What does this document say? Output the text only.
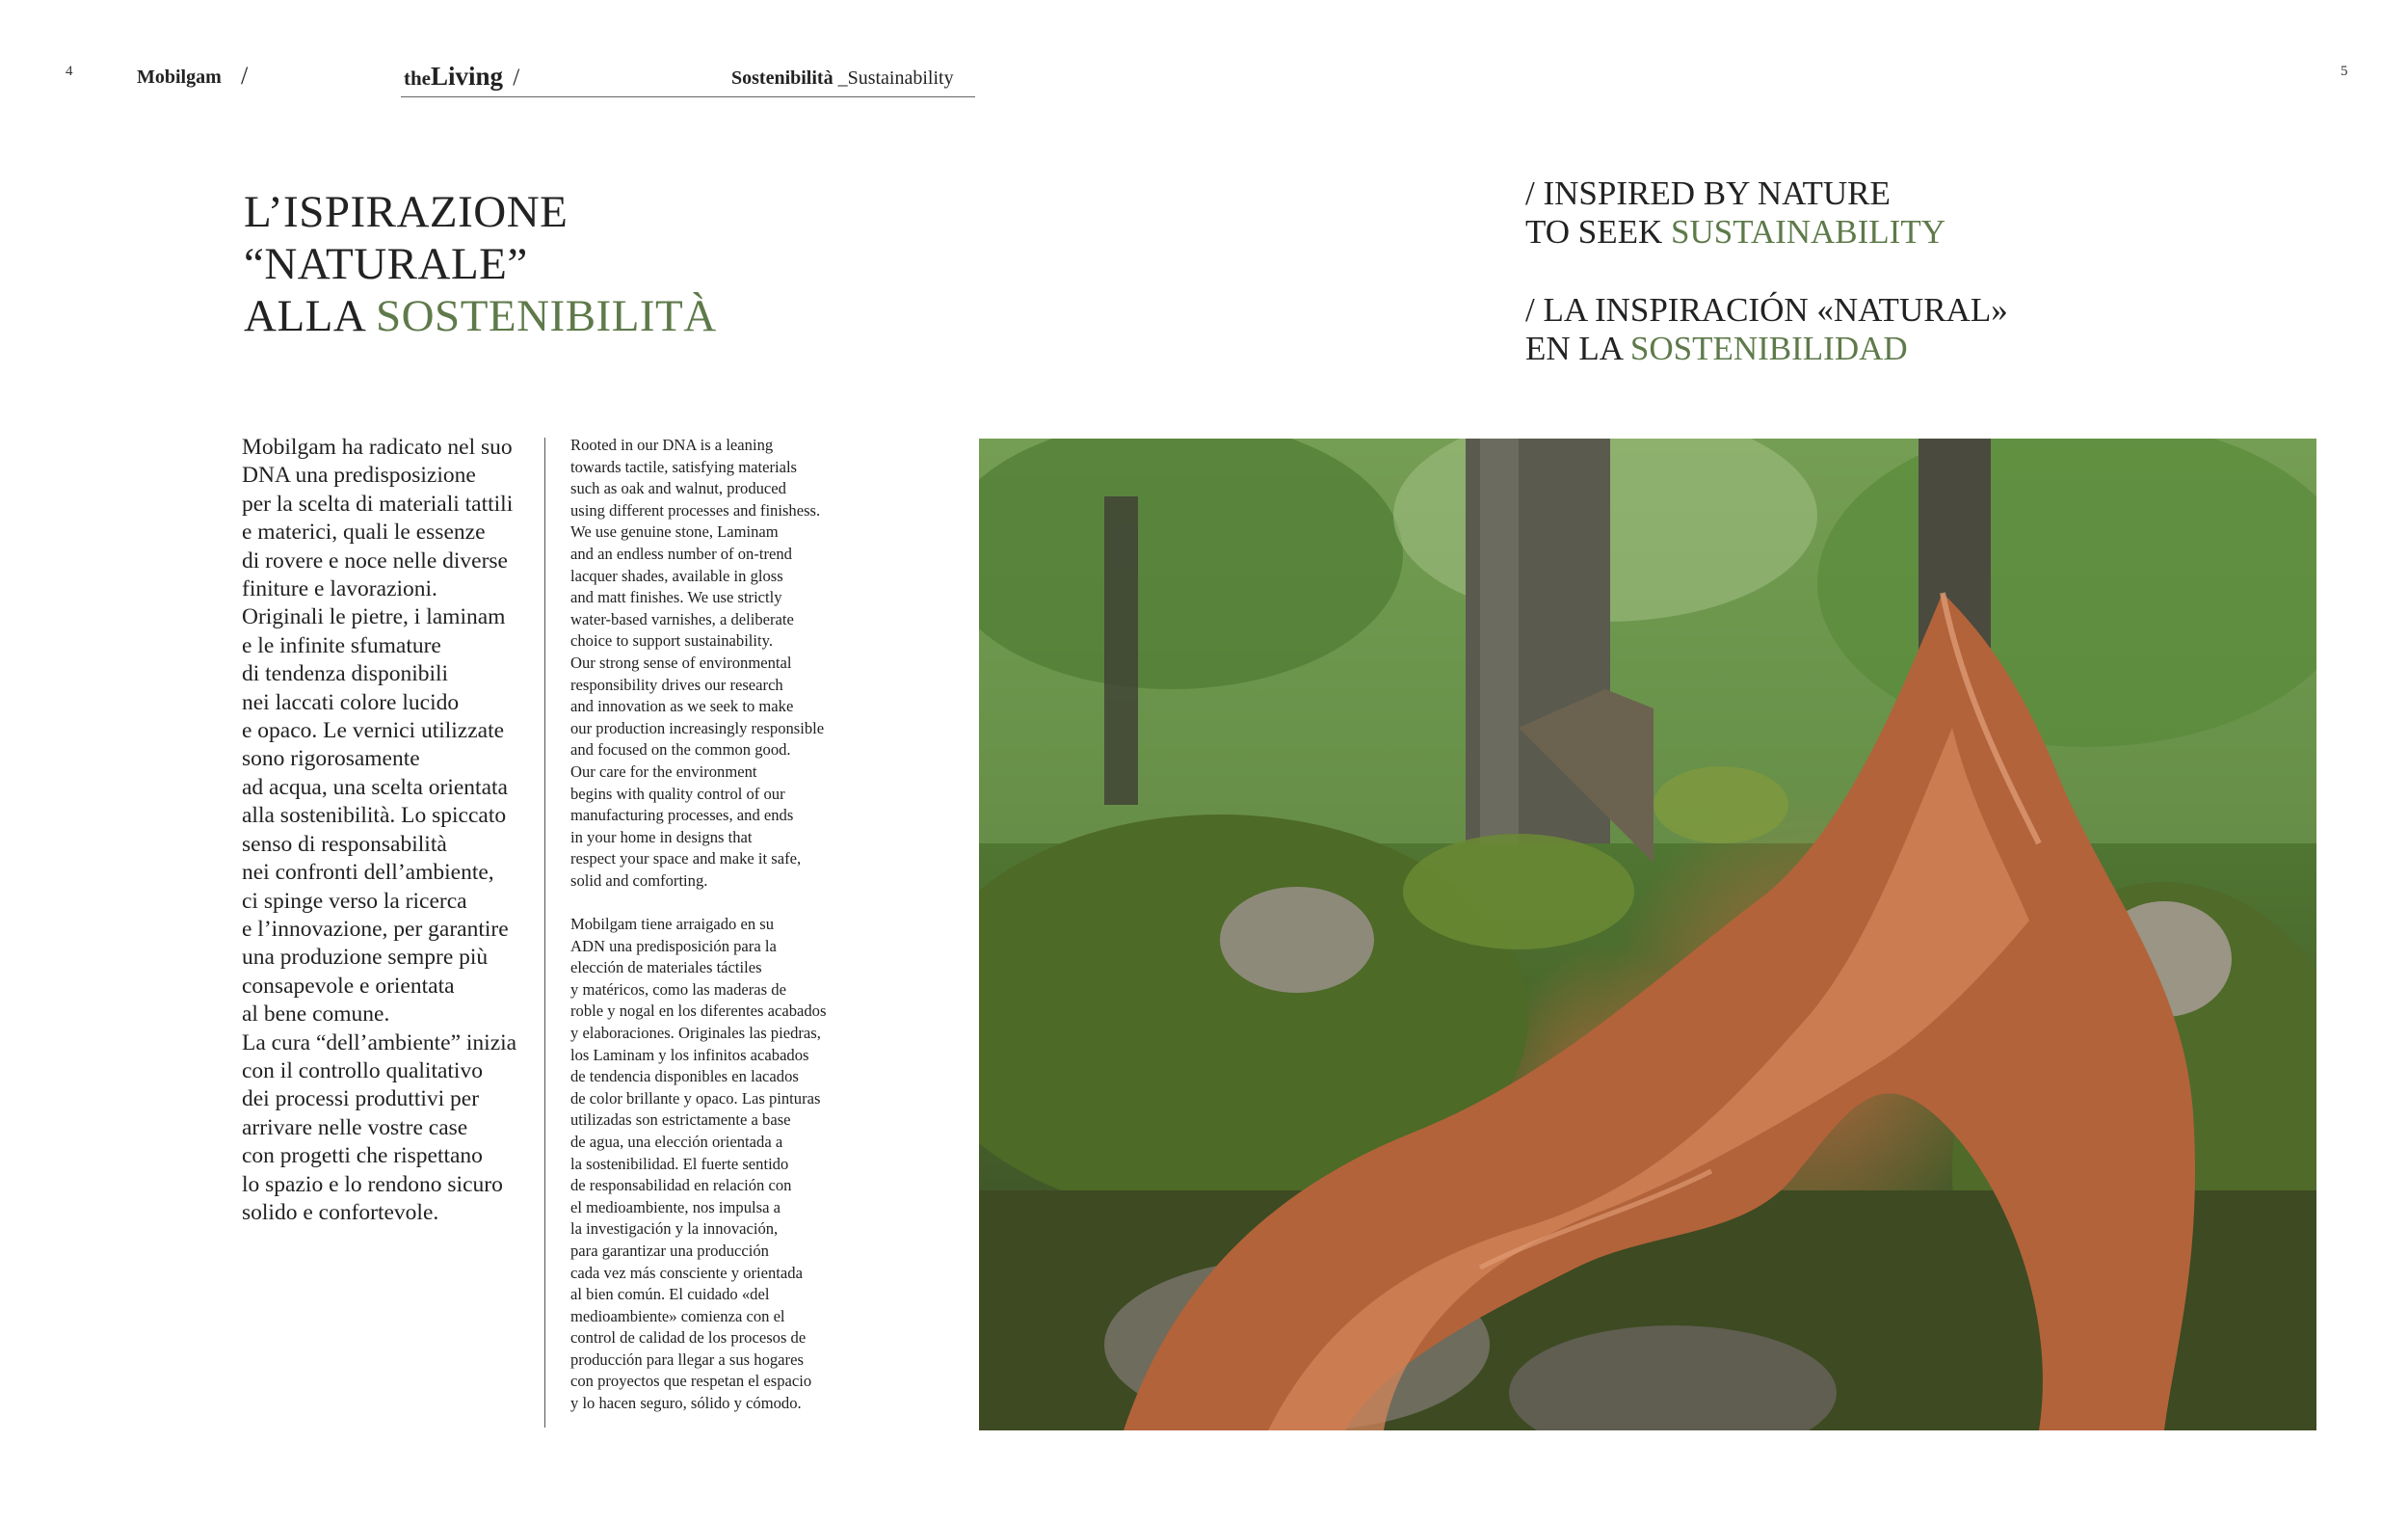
4	5
Mobilgam /	theLiving /	Sostenibilità _Sustainability
L’ISPIRAZIONE
“NATURALE”
ALLA SOSTENIBILITÀ
/ INSPIRED BY NATURE
TO SEEK SUSTAINABILITY
/ LA INSPIRACIÓN «NATURAL»
EN LA SOSTENIBILIDAD
Mobilgam ha radicato nel suo
DNA una predisposizione
per la scelta di materiali tattili
e materici, quali le essenze
di rovere e noce nelle diverse
finiture e lavorazioni.
Originali le pietre, i laminam
e le infinite sfumature
di tendenza disponibili
nei laccati colore lucido
e opaco. Le vernici utilizzate
sono rigorosamente
ad acqua, una scelta orientata
alla sostenibilità. Lo spiccato
senso di responsabilità
nei confronti dell’ambiente,
ci spinge verso la ricerca
e l’innovazione, per garantire
una produzione sempre più
consapevole e orientata
al bene comune.
La cura “dell’ambiente” inizia
con il controllo qualitativo
dei processi produttivi per
arrivare nelle vostre case
con progetti che rispettano
lo spazio e lo rendono sicuro
solido e confortevole.
Rooted in our DNA is a leaning
towards tactile, satisfying materials
such as oak and walnut, produced
using different processes and finishess.
We use genuine stone, Laminam
and an endless number of on-trend
lacquer shades, available in gloss
and matt finishes. We use strictly
water-based varnishes, a deliberate
choice to support sustainability.
Our strong sense of environmental
responsibility drives our research
and innovation as we seek to make
our production increasingly responsible
and focused on the common good.
Our care for the environment
begins with quality control of our
manufacturing processes, and ends
in your home in designs that
respect your space and make it safe,
solid and comforting.
Mobilgam tiene arraigado en su
ADN una predisposición para la
elección de materiales táctiles
y matéricos, como las maderas de
roble y nogal en los diferentes acabados
y elaboraciones. Originales las piedras,
los Laminam y los infinitos acabados
de tendencia disponibles en lacados
de color brillante y opaco. Las pinturas
utilizadas son estrictamente a base
de agua, una elección orientada a
la sostenibilidad. El fuerte sentido
de responsabilidad en relación con
el medioambiente, nos impulsa a
la investigación y la innovación,
para garantizar una producción
cada vez más consciente y orientada
al bien común. El cuidado «del
medioambiente» comienza con el
control de calidad de los procesos de
producción para llegar a sus hogares
con proyectos que respetan el espacio
y lo hacen seguro, sólido y cómodo.
